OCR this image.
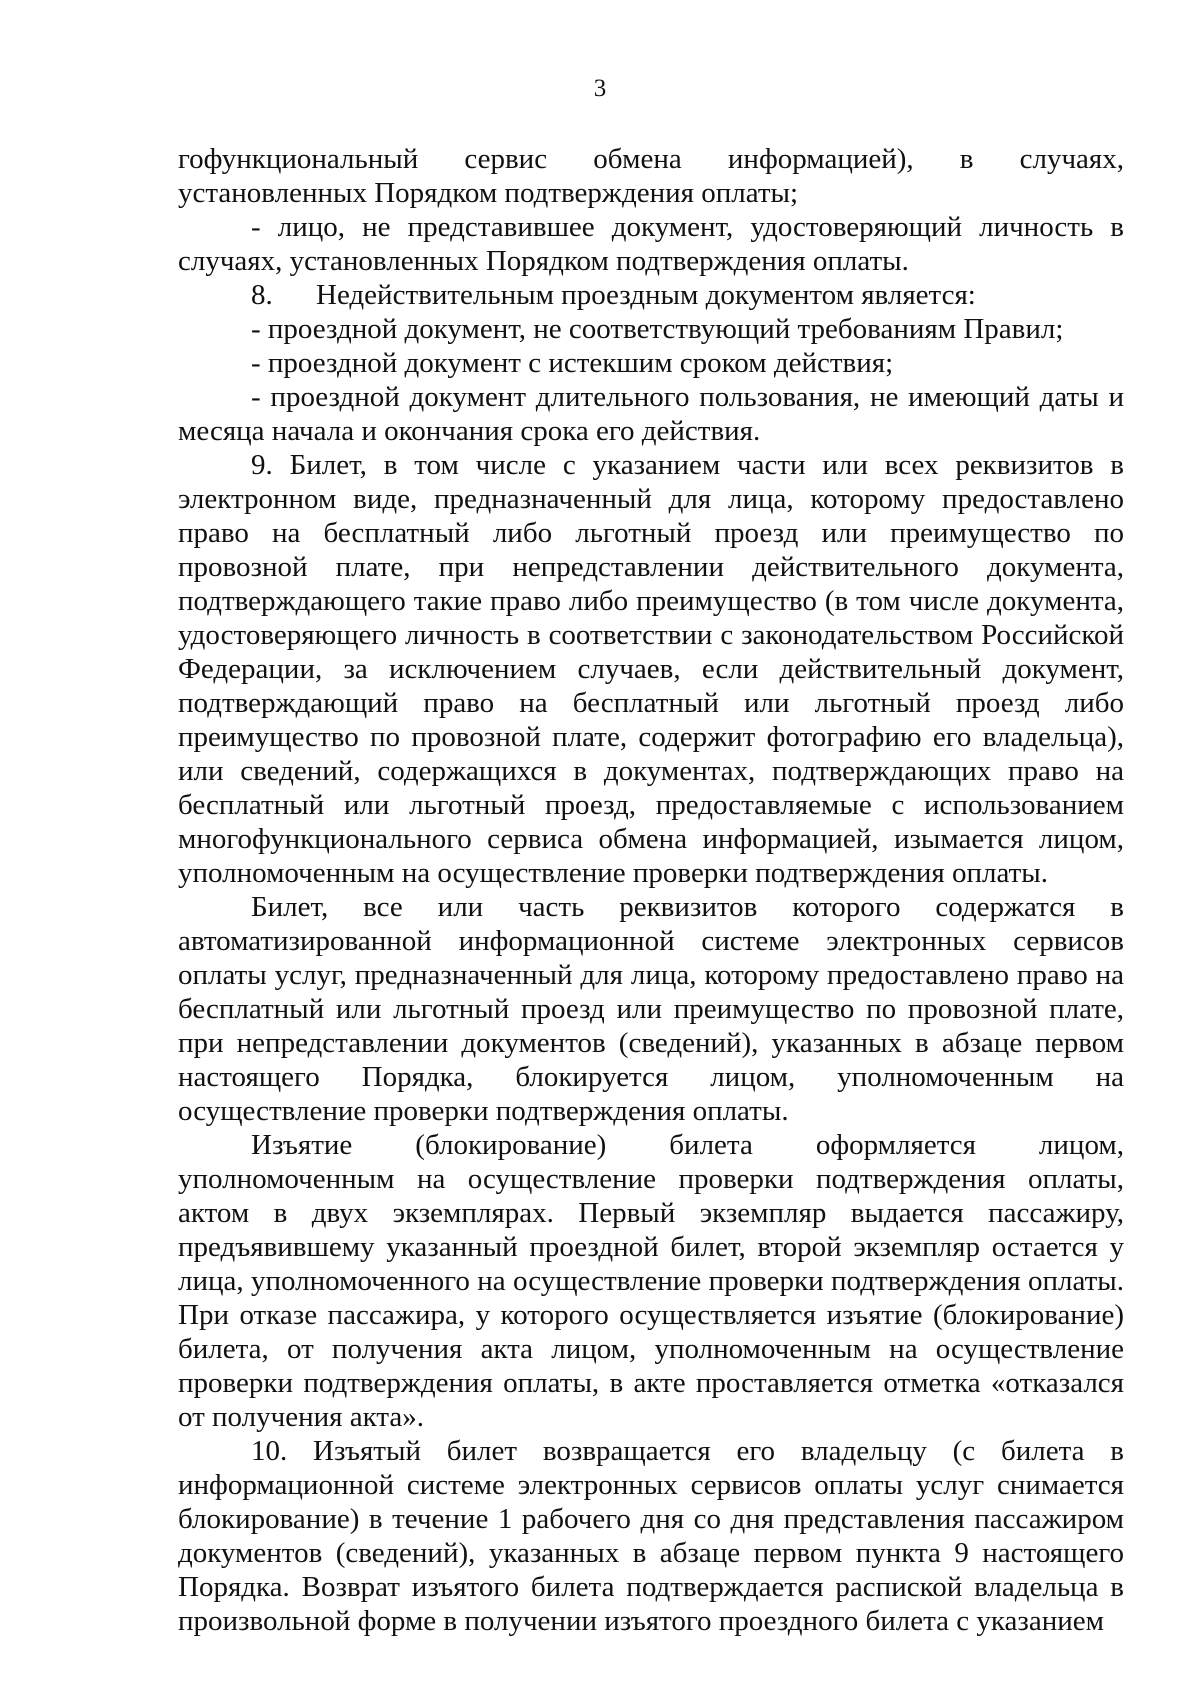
3

гофункциональный сервис обмена информацией), в случаях, установленных Порядком подтверждения оплаты;

- лицо, не представившее документ, удостоверяющий личность в случаях, установленных Порядком подтверждения оплаты.

8.	Недействительным проездным документом является:

- проездной документ, не соответствующий требованиям Правил;

- проездной документ с истекшим сроком действия;

- проездной документ длительного пользования, не имеющий даты и месяца начала и окончания срока его действия.

9. Билет, в том числе с указанием части или всех реквизитов в электронном виде, предназначенный для лица, которому предоставлено право на бесплатный либо льготный проезд или преимущество по провозной плате, при непредставлении действительного документа, подтверждающего такие право либо преимущество (в том числе документа, удостоверяющего личность в соответствии с законодательством Российской Федерации, за исключением случаев, если действительный документ, подтверждающий право на бесплатный или льготный проезд либо преимущество по провозной плате, содержит фотографию его владельца), или сведений, содержащихся в документах, подтверждающих право на бесплатный или льготный проезд, предоставляемые с использованием многофункционального сервиса обмена информацией, изымается лицом, уполномоченным на осуществление проверки подтверждения оплаты.

Билет, все или часть реквизитов которого содержатся в автоматизированной информационной системе электронных сервисов оплаты услуг, предназначенный для лица, которому предоставлено право на бесплатный или льготный проезд или преимущество по провозной плате, при непредставлении документов (сведений), указанных в абзаце первом настоящего Порядка, блокируется лицом, уполномоченным на осуществление проверки подтверждения оплаты.

Изъятие (блокирование) билета оформляется лицом, уполномоченным на осуществление проверки подтверждения оплаты, актом в двух экземплярах. Первый экземпляр выдается пассажиру, предъявившему указанный проездной билет, второй экземпляр остается у лица, уполномоченного на осуществление проверки подтверждения оплаты. При отказе пассажира, у которого осуществляется изъятие (блокирование) билета, от получения акта лицом, уполномоченным на осуществление проверки подтверждения оплаты, в акте проставляется отметка «отказался от получения акта».

10. Изъятый билет возвращается его владельцу (с билета в информационной системе электронных сервисов оплаты услуг снимается блокирование) в течение 1 рабочего дня со дня представления пассажиром документов (сведений), указанных в абзаце первом пункта 9 настоящего Порядка. Возврат изъятого билета подтверждается распиской владельца в произвольной форме в получении изъятого проездного билета с указанием
